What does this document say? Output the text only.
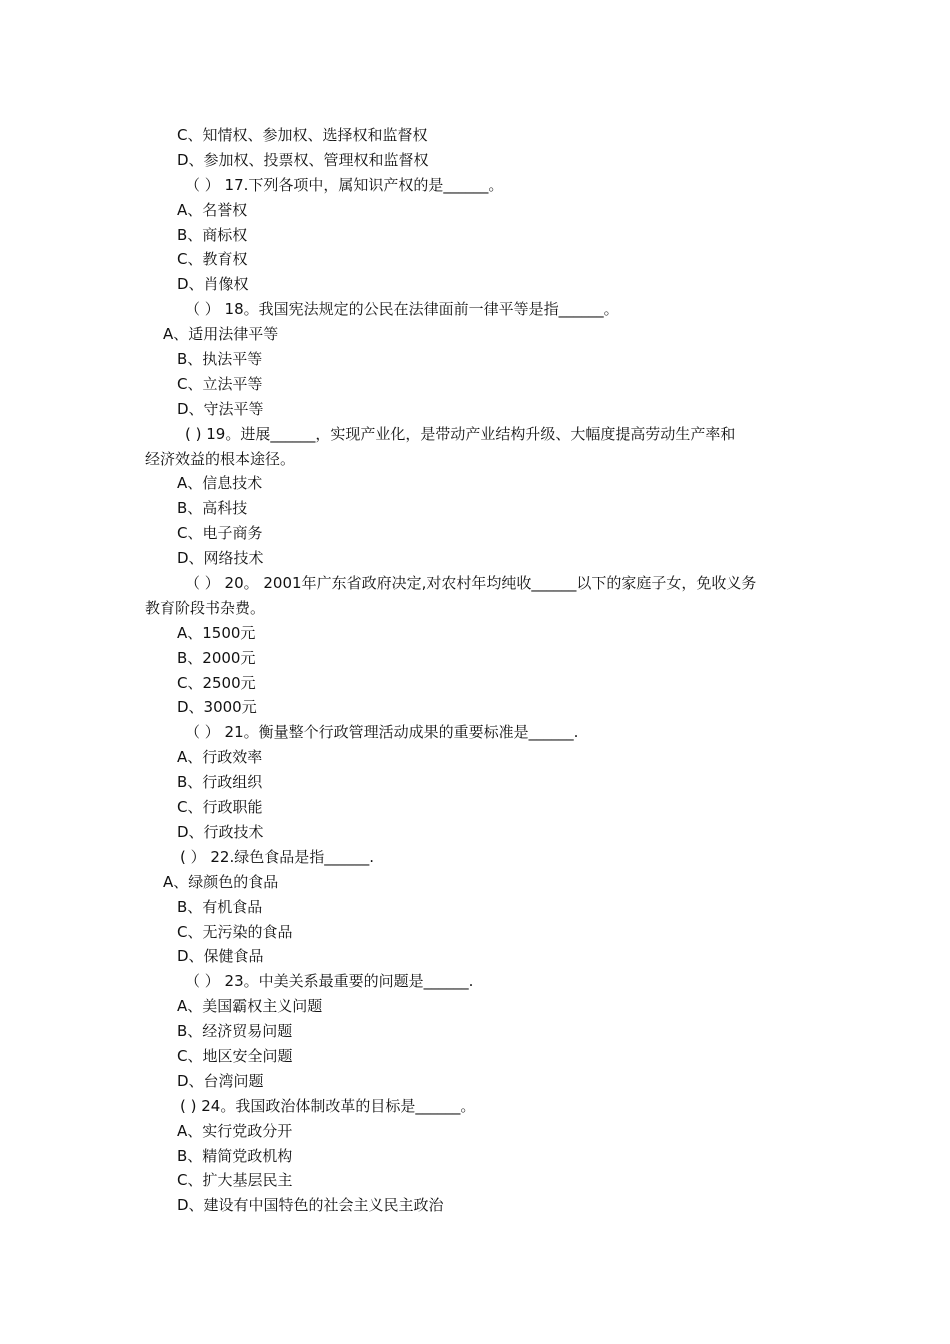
C、知情权、参加权、选择权和监督权
D、参加权、投票权、管理权和监督权
（ ） 17.下列各项中，属知识产权的是______。
A、名誉权
B、商标权
C、教育权
D、肖像权
（ ） 18。我国宪法规定的公民在法律面前一律平等是指______。
A、适用法律平等
B、执法平等
C、立法平等
D、守法平等
( ) 19。进展______，实现产业化，是带动产业结构升级、大幅度提高劳动生产率和
经济效益的根本途径。
A、信息技术
B、高科技
C、电子商务
D、网络技术
（ ） 20。 2001年广东省政府决定,对农村年均纯收______以下的家庭子女，免收义务
教育阶段书杂费。
A、1500元
B、2000元
C、2500元
D、3000元
（ ） 21。衡量整个行政管理活动成果的重要标准是______.
A、行政效率
B、行政组织
C、行政职能
D、行政技术
( ） 22.绿色食品是指______.
A、绿颜色的食品
B、有机食品
C、无污染的食品
D、保健食品
（ ） 23。中美关系最重要的问题是______.
A、美国霸权主义问题
B、经济贸易问题
C、地区安全问题
D、台湾问题
( ) 24。我国政治体制改革的目标是______。
A、实行党政分开
B、精简党政机构
C、扩大基层民主
D、建设有中国特色的社会主义民主政治
